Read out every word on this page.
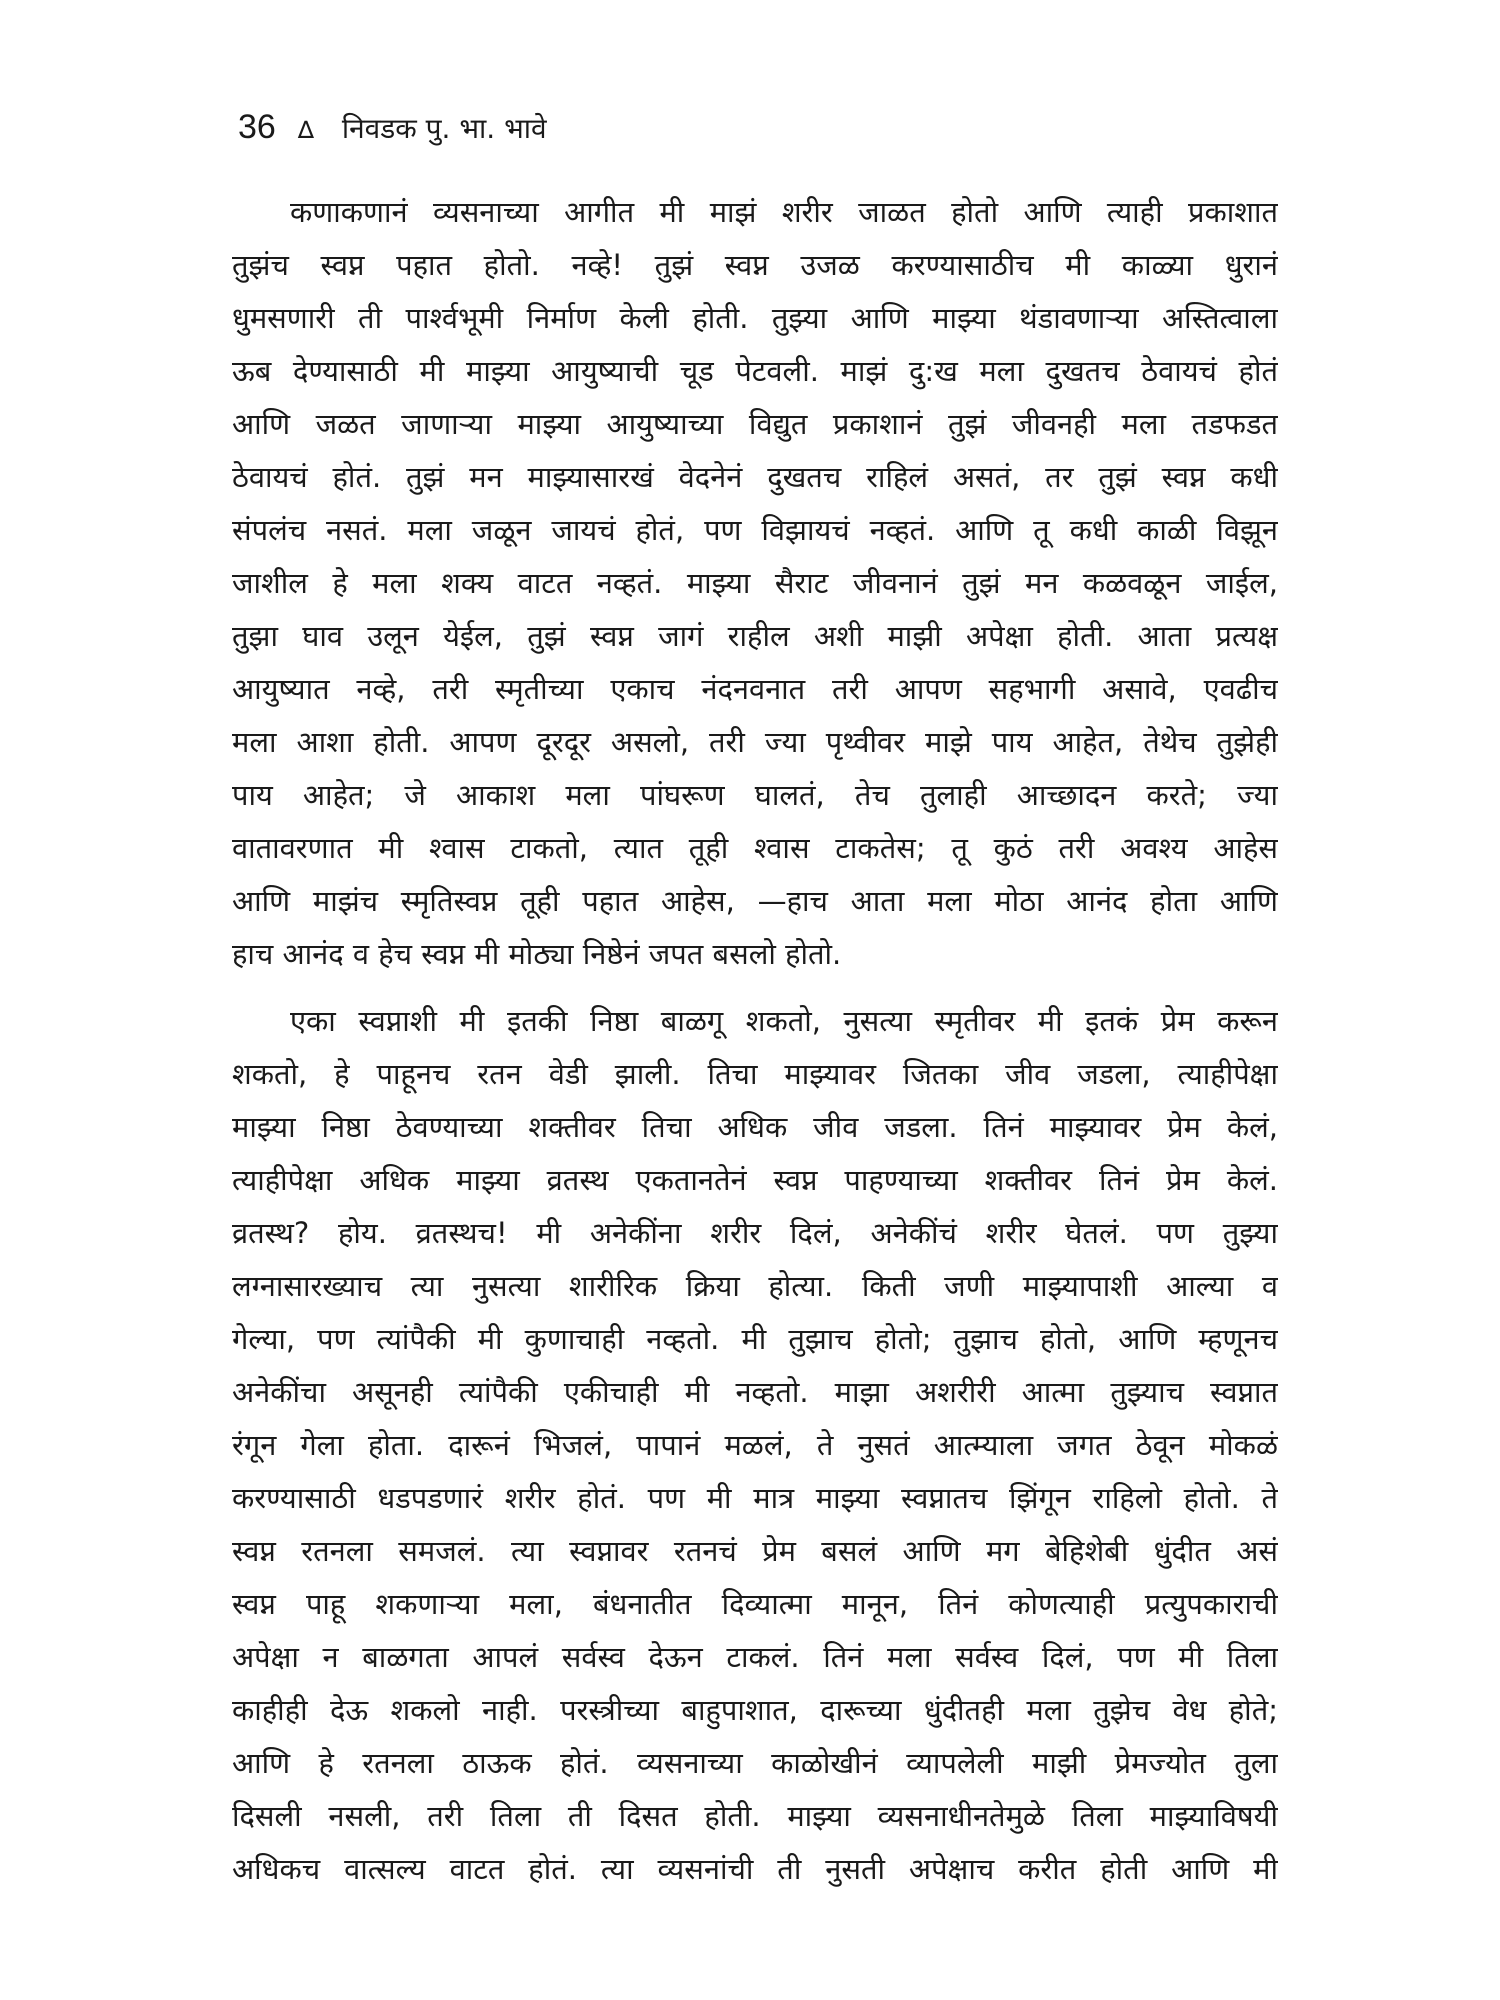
36 ∆ निवडक पु. भा. भावे
कणाकणानं व्यसनाच्या आगीत मी माझं शरीर जाळत होतो आणि त्याही प्रकाशात
तुझंच स्वप्न पहात होतो. नव्हे! तुझं स्वप्न उजळ करण्यासाठीच मी काळ्या धुरानं
धुमसणारी ती पार्श्वभूमी निर्माण केली होती. तुझ्या आणि माझ्या थंडावणाऱ्या अस्तित्वाला
ऊब देण्यासाठी मी माझ्या आयुष्याची चूड पेटवली. माझं दु:ख मला दुखतच ठेवायचं होतं
आणि जळत जाणाऱ्या माझ्या आयुष्याच्या विद्युत प्रकाशानं तुझं जीवनही मला तडफडत
ठेवायचं होतं. तुझं मन माझ्यासारखं वेदनेनं दुखतच राहिलं असतं, तर तुझं स्वप्न कधी
संपलंच नसतं. मला जळून जायचं होतं, पण विझायचं नव्हतं. आणि तू कधी काळी विझून
जाशील हे मला शक्य वाटत नव्हतं. माझ्या सैराट जीवनानं तुझं मन कळवळून जाईल,
तुझा घाव उलून येईल, तुझं स्वप्न जागं राहील अशी माझी अपेक्षा होती. आता प्रत्यक्ष
आयुष्यात नव्हे, तरी स्मृतीच्या एकाच नंदनवनात तरी आपण सहभागी असावे, एवढीच
मला आशा होती. आपण दूरदूर असलो, तरी ज्या पृथ्वीवर माझे पाय आहेत, तेथेच तुझेही
पाय आहेत; जे आकाश मला पांघरूण घालतं, तेच तुलाही आच्छादन करते; ज्या
वातावरणात मी श्वास टाकतो, त्यात तूही श्वास टाकतेस; तू कुठं तरी अवश्य आहेस
आणि माझंच स्मृतिस्वप्न तूही पहात आहेस, —हाच आता मला मोठा आनंद होता आणि
हाच आनंद व हेच स्वप्न मी मोठ्या निष्ठेनं जपत बसलो होतो.
एका स्वप्नाशी मी इतकी निष्ठा बाळगू शकतो, नुसत्या स्मृतीवर मी इतकं प्रेम करून
शकतो, हे पाहूनच रतन वेडी झाली. तिचा माझ्यावर जितका जीव जडला, त्याहीपेक्षा
माझ्या निष्ठा ठेवण्याच्या शक्तीवर तिचा अधिक जीव जडला. तिनं माझ्यावर प्रेम केलं,
त्याहीपेक्षा अधिक माझ्या व्रतस्थ एकतानतेनं स्वप्न पाहण्याच्या शक्तीवर तिनं प्रेम केलं.
व्रतस्थ? होय. व्रतस्थच! मी अनेकींना शरीर दिलं, अनेकींचं शरीर घेतलं. पण तुझ्या
लग्नासारख्याच त्या नुसत्या शारीरिक क्रिया होत्या. किती जणी माझ्यापाशी आल्या व
गेल्या, पण त्यांपैकी मी कुणाचाही नव्हतो. मी तुझाच होतो; तुझाच होतो, आणि म्हणूनच
अनेकींचा असूनही त्यांपैकी एकीचाही मी नव्हतो. माझा अशरीरी आत्मा तुझ्याच स्वप्नात
रंगून गेला होता. दारूनं भिजलं, पापानं मळलं, ते नुसतं आत्म्याला जगत ठेवून मोकळं
करण्यासाठी धडपडणारं शरीर होतं. पण मी मात्र माझ्या स्वप्नातच झिंगून राहिलो होतो. ते
स्वप्न रतनला समजलं. त्या स्वप्नावर रतनचं प्रेम बसलं आणि मग बेहिशेबी धुंदीत असं
स्वप्न पाहू शकणाऱ्या मला, बंधनातीत दिव्यात्मा मानून, तिनं कोणत्याही प्रत्युपकाराची
अपेक्षा न बाळगता आपलं सर्वस्व देऊन टाकलं. तिनं मला सर्वस्व दिलं, पण मी तिला
काहीही देऊ शकलो नाही. परस्त्रीच्या बाहुपाशात, दारूच्या धुंदीतही मला तुझेच वेध होते;
आणि हे रतनला ठाऊक होतं. व्यसनाच्या काळोखीनं व्यापलेली माझी प्रेमज्योत तुला
दिसली नसली, तरी तिला ती दिसत होती. माझ्या व्यसनाधीनतेमुळे तिला माझ्याविषयी
अधिकच वात्सल्य वाटत होतं. त्या व्यसनांची ती नुसती अपेक्षाच करीत होती आणि मी
